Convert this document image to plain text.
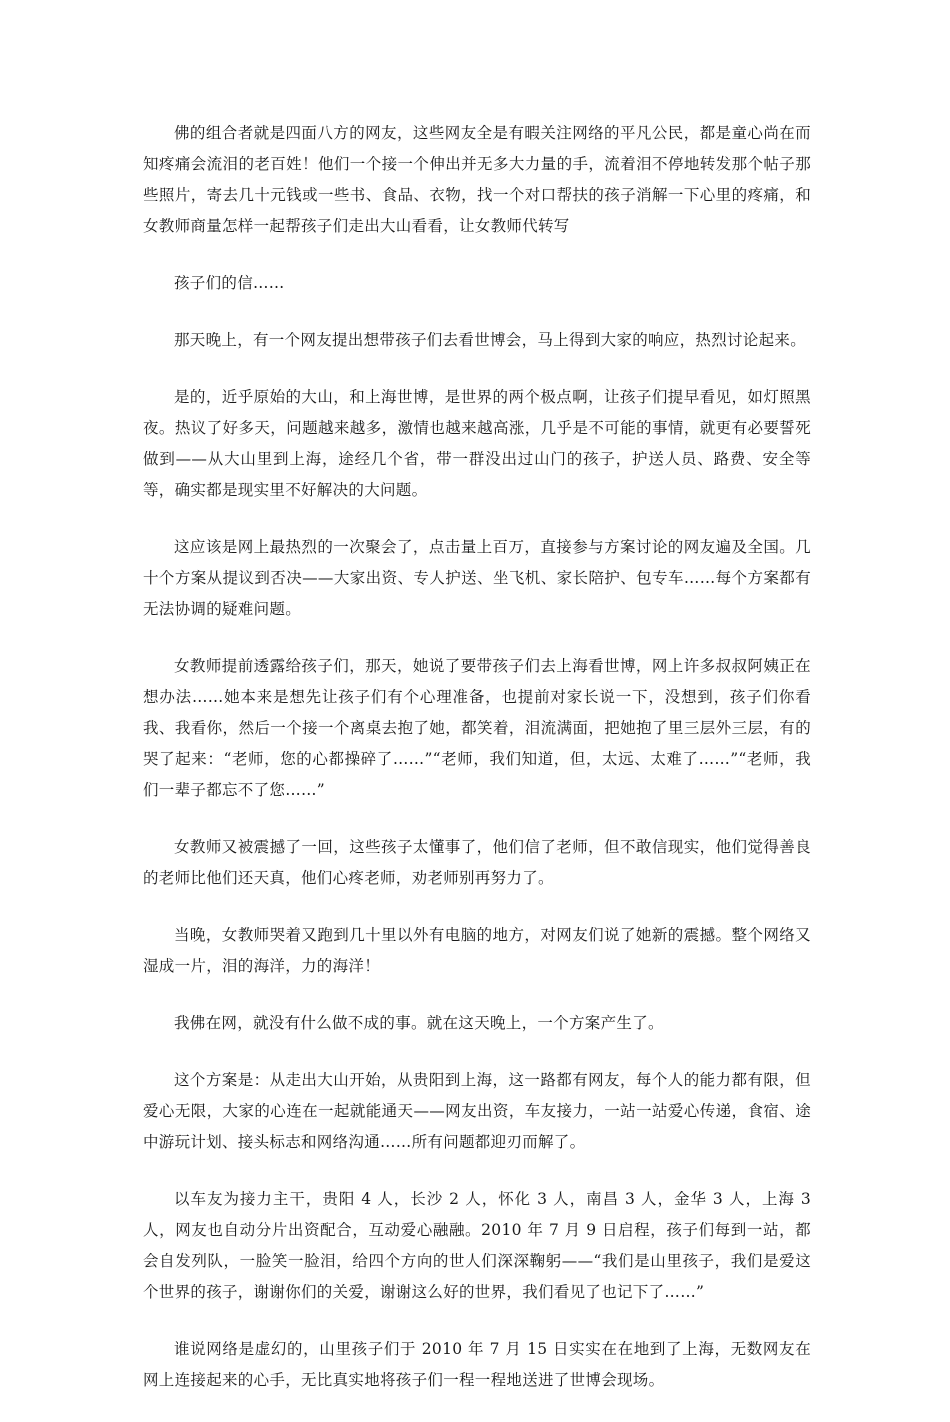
佛的组合者就是四面八方的网友，这些网友全是有暇关注网络的平凡公民，都是童心尚在而知疼痛会流泪的老百姓！他们一个接一个伸出并无多大力量的手，流着泪不停地转发那个帖子那些照片，寄去几十元钱或一些书、食品、衣物，找一个对口帮扶的孩子消解一下心里的疼痛，和女教师商量怎样一起帮孩子们走出大山看看，让女教师代转写

孩子们的信……

那天晚上，有一个网友提出想带孩子们去看世博会，马上得到大家的响应，热烈讨论起来。

是的，近乎原始的大山，和上海世博，是世界的两个极点啊，让孩子们提早看见，如灯照黑夜。热议了好多天，问题越来越多，激情也越来越高涨，几乎是不可能的事情，就更有必要誓死做到——从大山里到上海，途经几个省，带一群没出过山门的孩子，护送人员、路费、安全等等，确实都是现实里不好解决的大问题。

这应该是网上最热烈的一次聚会了，点击量上百万，直接参与方案讨论的网友遍及全国。几十个方案从提议到否决——大家出资、专人护送、坐飞机、家长陪护、包专车……每个方案都有无法协调的疑难问题。

女教师提前透露给孩子们，那天，她说了要带孩子们去上海看世博，网上许多叔叔阿姨正在想办法……她本来是想先让孩子们有个心理准备，也提前对家长说一下，没想到，孩子们你看我、我看你，然后一个接一个离桌去抱了她，都笑着，泪流满面，把她抱了里三层外三层，有的哭了起来：“老师，您的心都操碎了……”“老师，我们知道，但，太远、太难了……”“老师，我们一辈子都忘不了您……”

女教师又被震撼了一回，这些孩子太懂事了，他们信了老师，但不敢信现实，他们觉得善良的老师比他们还天真，他们心疼老师，劝老师别再努力了。

当晚，女教师哭着又跑到几十里以外有电脑的地方，对网友们说了她新的震撼。整个网络又湿成一片，泪的海洋，力的海洋！

我佛在网，就没有什么做不成的事。就在这天晚上，一个方案产生了。

这个方案是：从走出大山开始，从贵阳到上海，这一路都有网友，每个人的能力都有限，但爱心无限，大家的心连在一起就能通天——网友出资，车友接力，一站一站爱心传递，食宿、途中游玩计划、接头标志和网络沟通……所有问题都迎刃而解了。

以车友为接力主干，贵阳 4 人，长沙 2 人，怀化 3 人，南昌 3 人，金华 3 人，上海 3 人，网友也自动分片出资配合，互动爱心融融。2010 年 7 月 9 日启程，孩子们每到一站，都会自发列队，一脸笑一脸泪，给四个方向的世人们深深鞠躬——“我们是山里孩子，我们是爱这个世界的孩子，谢谢你们的关爱，谢谢这么好的世界，我们看见了也记下了……”

谁说网络是虚幻的，山里孩子们于 2010 年 7 月 15 日实实在在地到了上海，无数网友在网上连接起来的心手，无比真实地将孩子们一程一程地送进了世博会现场。
